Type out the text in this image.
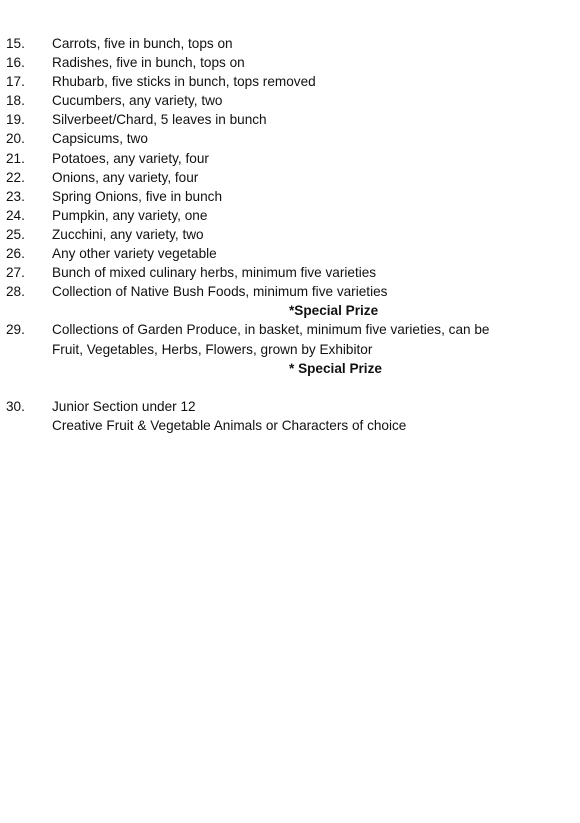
15.	Carrots, five in bunch, tops on
16.	Radishes, five in bunch, tops on
17.	Rhubarb, five sticks in bunch, tops removed
18.	Cucumbers, any variety, two
19.	Silverbeet/Chard, 5 leaves in bunch
20.	Capsicums, two
21.	Potatoes, any variety, four
22.	Onions, any variety, four
23.	Spring Onions, five in bunch
24.	Pumpkin, any variety, one
25.	Zucchini, any variety, two
26.	Any other variety vegetable
27.	Bunch of mixed culinary herbs, minimum five varieties
28.	Collection of Native Bush Foods, minimum five varieties
*Special Prize
29.	Collections of Garden Produce, in basket, minimum five varieties, can be
Fruit, Vegetables, Herbs, Flowers, grown by Exhibitor
* Special Prize
30.	Junior Section under 12
Creative Fruit & Vegetable Animals or Characters of choice
